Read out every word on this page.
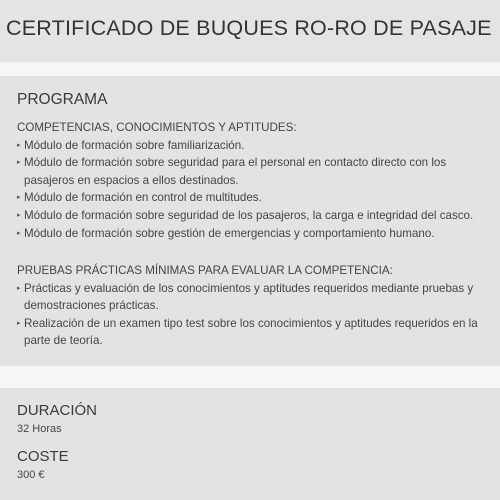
CERTIFICADO DE BUQUES RO-RO DE PASAJE
PROGRAMA
COMPETENCIAS, CONOCIMIENTOS Y APTITUDES:
▸ Módulo de formación sobre familiarización.
▸ Módulo de formación sobre seguridad para el personal en contacto directo con los
pasajeros en espacios a ellos destinados.
▸ Módulo de formación en control de multitudes.
▸ Módulo de formación sobre seguridad de los pasajeros, la carga e integridad del casco.
▸ Módulo de formación sobre gestión de emergencias y comportamiento humano.
PRUEBAS PRÁCTICAS MÍNIMAS PARA EVALUAR LA COMPETENCIA:
▸ Prácticas y evaluación de los conocimientos y aptitudes requeridos mediante pruebas y
demostraciones prácticas.
▸ Realización de un examen tipo test sobre los conocimientos y aptitudes requeridos en la
parte de teoría.
DURACIÓN
32 Horas
COSTE
300 €
